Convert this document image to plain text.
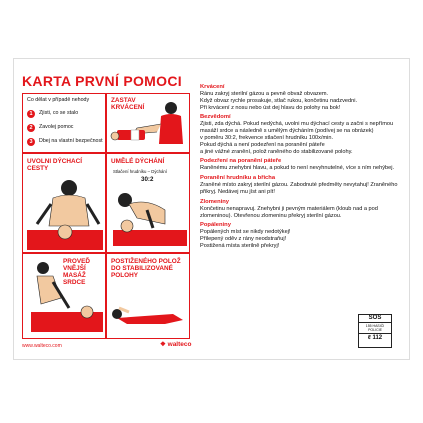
KARTA PRVNÍ POMOCI
Co dělat v případě nehody
1	Zjisti, co se stalo
2	Zavolej pomoc
3	Dbej na vlastní bezpečnost
ZASTAV KRVÁCENÍ
UVOLNI DÝCHACÍ CESTY
UMĚLÉ DÝCHÁNÍ
Stlačení hrudníku – Dýchání
30:2
PROVEĎ VNĚJŠÍ MASÁŽ SRDCE
POSTIŽENÉHO POLOŽ DO STABILIZOVANÉ POLOHY
Krvácení
Ránu zakryj sterilní gázou a pevně obvaž obvazem.
Když obvaz rychle prosakuje, stlač rukou, končetinu nadzvedni.
Při krvácení z nosu nebo úst dej hlavu do polohy na bok!
Bezvědomí
Zjisti, zda dýchá. Pokud nedýchá, uvolni mu dýchací cesty a začni s nepřímou masáží srdce a následně s umělým dýcháním (podívej se na obrázek)
v poměru 30:2, frekvence stlačení hrudníku 100x/min.
Pokud dýchá a není podezření na poranění páteře
a jiné vážné zranění, polož raněného do stabilizované polohy.
Podezření na poranění páteře
Raněnému znehybni hlavu, a pokud to není nevyhnutelné, více s ním nehýbej.
Poranění hrudníku a břicha
Zraněné místo zakryj sterilní gázou. Zabodnuté předměty nevytahuj! Zraněného přikryj. Nedávej mu jíst ani pít!
Zlomeniny
Končetinu nenapravuj. Znehybni ji pevným materiálem (kloub nad a pod zlomeninou). Otevřenou zlomeninu překryj sterilní gázou.
Popáleniny
Popálených míst se nikdy nedotýkej!
Přilepený oděv z rány neodstraňuj!
Postižená místa sterilně překryj!
www.walteco.com	❖ walteco
SOS
155 HASIČI POLICIE
ℓ 112
